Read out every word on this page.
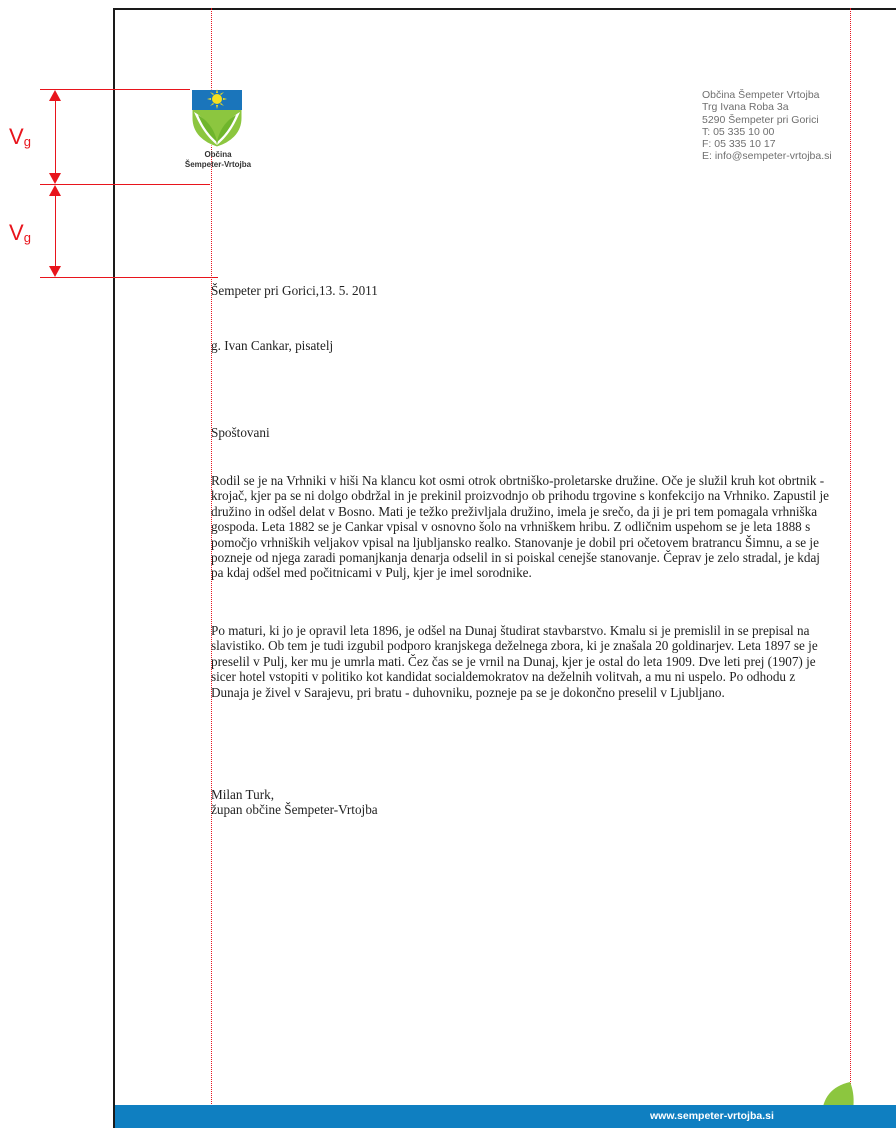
$V_g$
$V_g$
Občina
Šempeter-Vrtojba
Občina Šempeter Vrtojba
Trg Ivana Roba 3a
5290 Šempeter pri Gorici
T: 05 335 10 00
F: 05 335 10 17
E: info@sempeter-vrtojba.si
Šempeter pri Gorici,13. 5. 2011
g. Ivan Cankar, pisatelj
Spoštovani
Rodil se je na Vrhniki v hiši Na klancu kot osmi otrok obrtniško-proletarske družine. Oče je služil kruh kot obrtnik - krojač, kjer pa se ni dolgo obdržal in je prekinil proizvodnjo ob prihodu trgovine s konfekcijo na Vrhniko. Zapustil je družino in odšel delat v Bosno. Mati je težko preživljala družino, imela je srečo, da ji je pri tem pomagala vrhniška gospoda. Leta 1882 se je Cankar vpisal v osnovno šolo na vrhniškem hribu. Z odličnim uspehom se je leta 1888 s pomočjo vrhniških veljakov vpisal na ljubljansko realko. Stanovanje je dobil pri očetovem bratrancu Šimnu, a se je pozneje od njega zaradi pomanjkanja denarja odselil in si poiskal cenejše stanovanje. Čeprav je zelo stradal, je kdaj pa kdaj odšel med počitnicami v Pulj, kjer je imel sorodnike.
Po maturi, ki jo je opravil leta 1896, je odšel na Dunaj študirat stavbarstvo. Kmalu si je premislil in se prepisal na slavistiko. Ob tem je tudi izgubil podporo kranjskega deželnega zbora, ki je znašala 20 goldinarjev. Leta 1897 se je preselil v Pulj, ker mu je umrla mati. Čez čas se je vrnil na Dunaj, kjer je ostal do leta 1909. Dve leti prej (1907) je sicer hotel vstopiti v politiko kot kandidat socialdemokratov na deželnih volitvah, a mu ni uspelo. Po odhodu z Dunaja je živel v Sarajevu, pri bratu - duhovniku, pozneje pa se je dokončno preselil v Ljubljano.
Milan Turk,
župan občine Šempeter-Vrtojba
www.sempeter-vrtojba.si
